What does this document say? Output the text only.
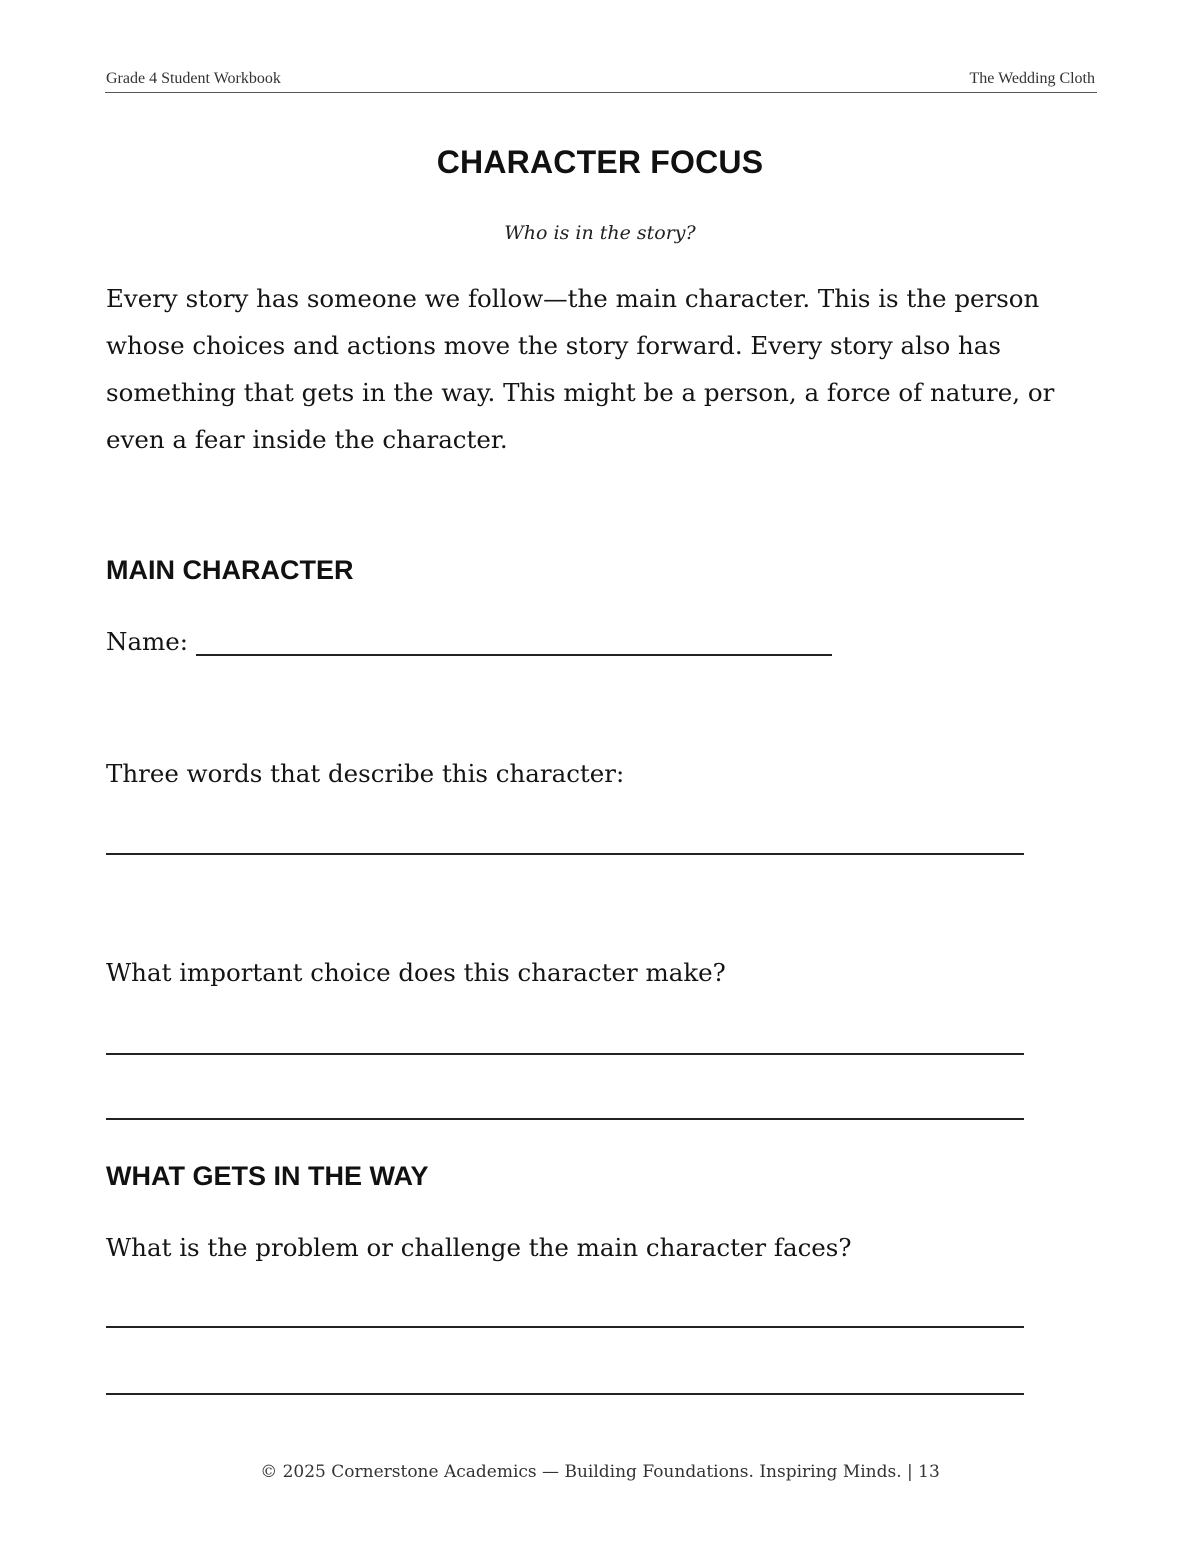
Grade 4 Student Workbook	The Wedding Cloth
CHARACTER FOCUS
Who is in the story?

Every story has someone we follow—the main character. This is the person whose choices and actions move the story forward. Every story also has something that gets in the way. This might be a person, a force of nature, or even a fear inside the character.

MAIN CHARACTER
Name:
Three words that describe this character:
What important choice does this character make?
WHAT GETS IN THE WAY
What is the problem or challenge the main character faces?
© 2025 Cornerstone Academics — Building Foundations. Inspiring Minds. | 13
